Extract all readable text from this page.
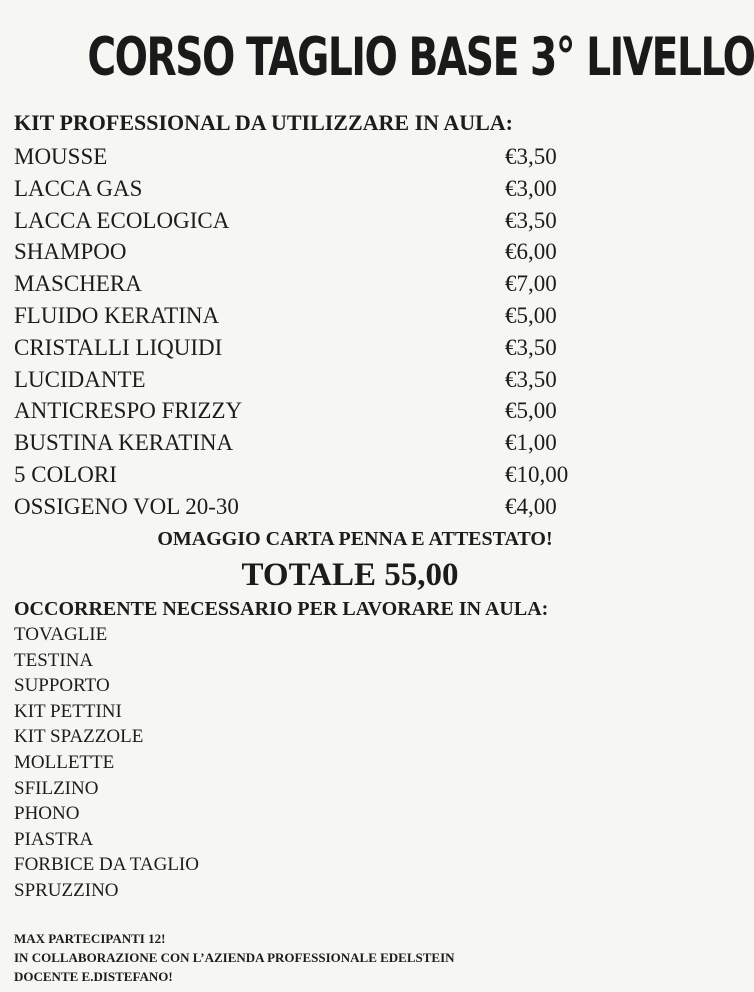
CORSO TAGLIO BASE 3° LIVELLO
KIT PROFESSIONAL DA UTILIZZARE IN AULA:
MOUSSE	€3,50
LACCA GAS	€3,00
LACCA ECOLOGICA	€3,50
SHAMPOO	€6,00
MASCHERA	€7,00
FLUIDO KERATINA	€5,00
CRISTALLI LIQUIDI	€3,50
LUCIDANTE	€3,50
ANTICRESPO FRIZZY	€5,00
BUSTINA KERATINA	€1,00
5 COLORI	€10,00
OSSIGENO VOL 20-30	€4,00
OMAGGIO CARTA PENNA E ATTESTATO!
TOTALE 55,00
OCCORRENTE NECESSARIO PER LAVORARE IN AULA:
TOVAGLIE
TESTINA
SUPPORTO
KIT PETTINI
KIT SPAZZOLE
MOLLETTE
SFILZINO
PHONO
PIASTRA
FORBICE DA TAGLIO
SPRUZZINO
MAX PARTECIPANTI 12!
IN COLLABORAZIONE CON L’AZIENDA PROFESSIONALE EDELSTEIN
DOCENTE E.DISTEFANO!
